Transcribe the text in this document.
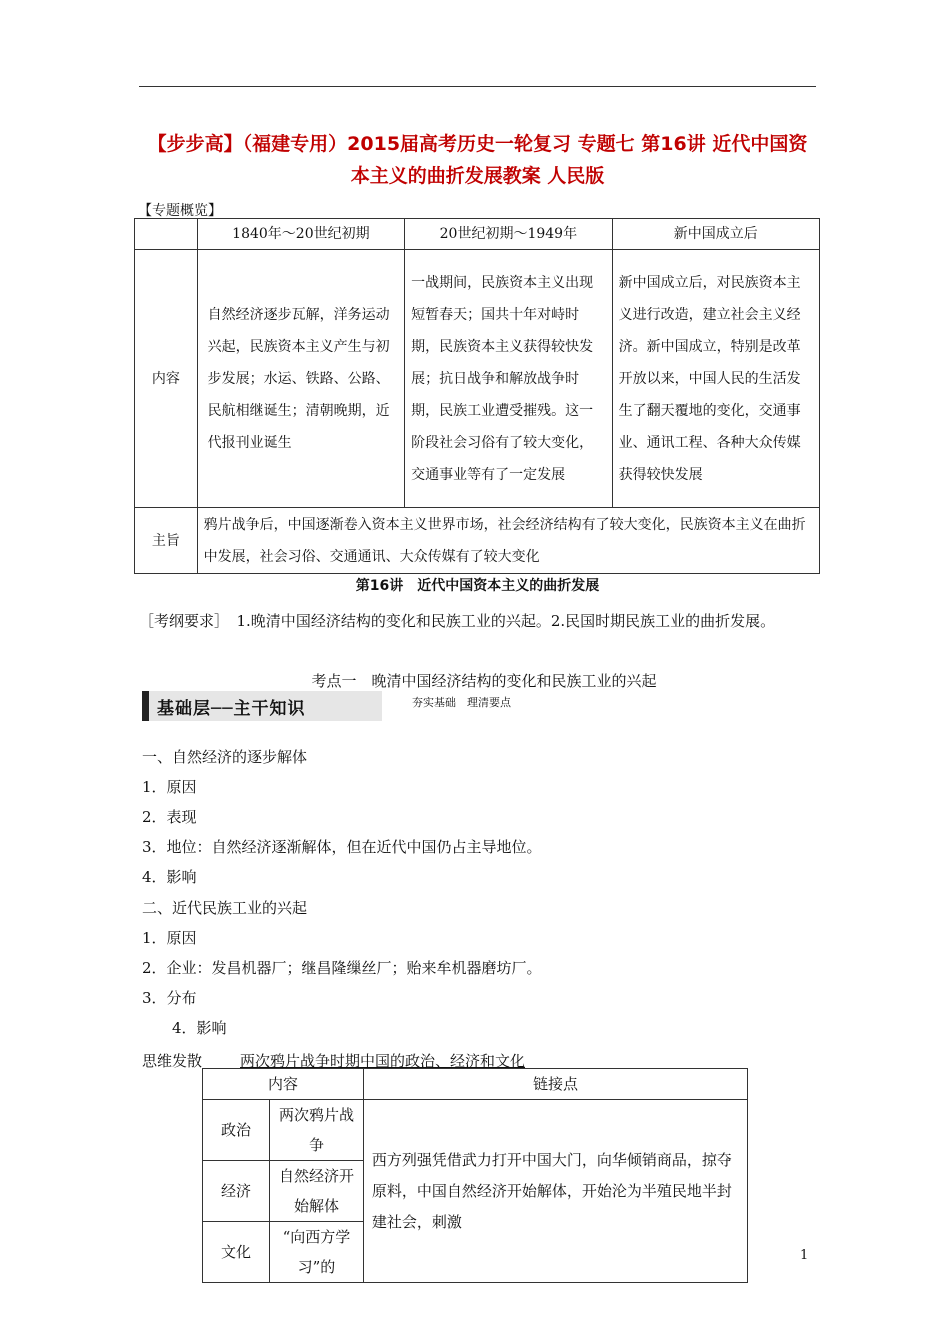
【步步高】（福建专用）2015届高考历史一轮复习 专题七 第16讲 近代中国资本主义的曲折发展教案 人民版
【专题概览】
	1840年～20世纪初期	20世纪初期～1949年	新中国成立后
内容	自然经济逐步瓦解，洋务运动兴起，民族资本主义产生与初步发展；水运、铁路、公路、民航相继诞生；清朝晚期，近代报刊业诞生	一战期间，民族资本主义出现短暂春天；国共十年对峙时期，民族资本主义获得较快发展；抗日战争和解放战争时期，民族工业遭受摧残。这一阶段社会习俗有了较大变化，交通事业等有了一定发展	新中国成立后，对民族资本主义进行改造，建立社会主义经济。新中国成立，特别是改革开放以来，中国人民的生活发生了翻天覆地的变化，交通事业、通讯工程、各种大众传媒获得较快发展
主旨	鸦片战争后，中国逐渐卷入资本主义世界市场，社会经济结构有了较大变化，民族资本主义在曲折中发展，社会习俗、交通通讯、大众传媒有了较大变化		
第16讲　近代中国资本主义的曲折发展
［考纲要求］　1.晚清中国经济结构的变化和民族工业的兴起。2.民国时期民族工业的曲折发展。
考点一　晚清中国经济结构的变化和民族工业的兴起
基础层──主干知识	夯实基础　理清要点
一、自然经济的逐步解体
1．原因
2．表现
3．地位：自然经济逐渐解体，但在近代中国仍占主导地位。
4．影响
二、近代民族工业的兴起
1．原因
2．企业：发昌机器厂；继昌隆缫丝厂；贻来牟机器磨坊厂。
3．分布
4．影响
思维发散	两次鸦片战争时期中国的政治、经济和文化
内容		链接点
政治	两次鸦片战争	西方列强凭借武力打开中国大门，向华倾销商品，掠夺原料，中国自然经济开始解体，开始沦为半殖民地半封建社会，刺激
经济	自然经济开始解体	
文化	“向西方学习”的	
1
